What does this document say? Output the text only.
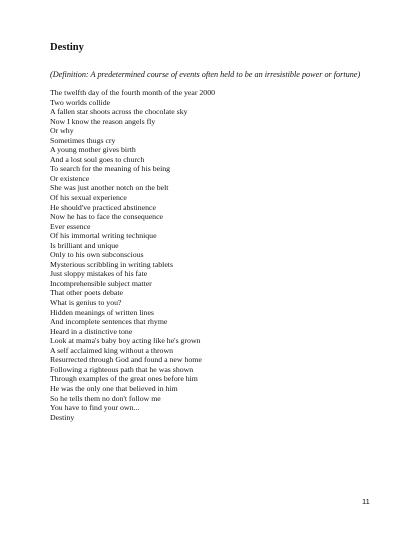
Destiny

(Definition: A predetermined course of events often held to be an irresistible power or fortune)

The twelfth day of the fourth month of the year 2000
Two worlds collide
A fallen star shoots across the chocolate sky
Now I know the reason angels fly
Or why
Sometimes thugs cry
A young mother gives birth
And a lost soul goes to church
To search for the meaning of his being
Or existence
She was just another notch on the belt
Of his sexual experience
He should've practiced abstinence
Now he has to face the consequence
Ever essence
Of his immortal writing technique
Is brilliant and unique
Only to his own subconscious
Mysterious scribbling in writing tablets
Just sloppy mistakes of his fate
Incomprehensible subject matter
That other poets debate
What is genius to you?
Hidden meanings of written lines
And incomplete sentences that rhyme
Heard in a distinctive tone
Look at mama's baby boy acting like he's grown
A self acclaimed king without a thrown
Resurrected through God and found a new home
Following a righteous path that he was shown
Through examples of the great ones before him
He was the only one that believed in him
So he tells them no don't follow me
You have to find your own...
Destiny
11
